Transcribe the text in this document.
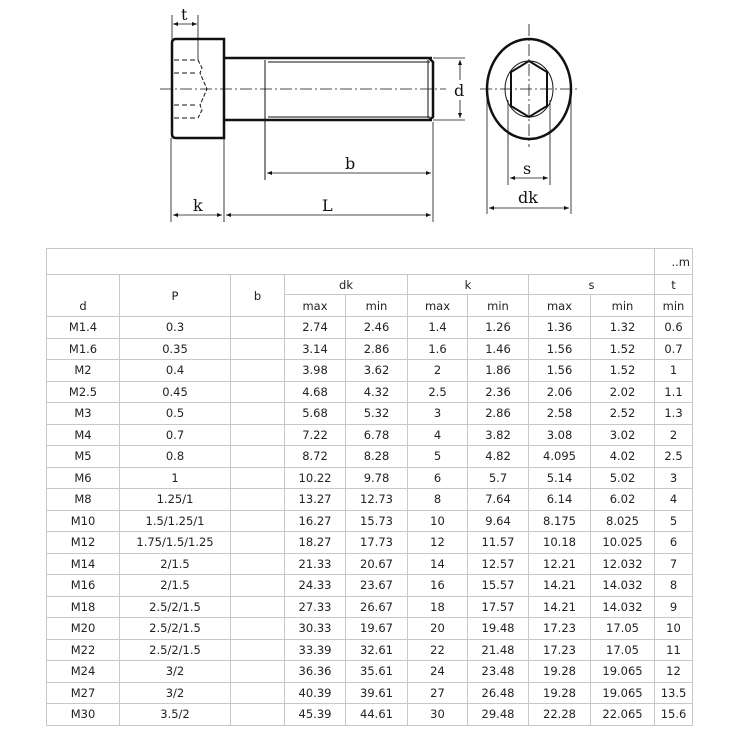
t
d
b
k	L
s
dk
									..m
d	P	b	dk		k		s		t
			max	min	max	min	max	min	min
M1.4	0.3		2.74	2.46	1.4	1.26	1.36	1.32	0.6
M1.6	0.35		3.14	2.86	1.6	1.46	1.56	1.52	0.7
M2	0.4		3.98	3.62	2	1.86	1.56	1.52	1
M2.5	0.45		4.68	4.32	2.5	2.36	2.06	2.02	1.1
M3	0.5		5.68	5.32	3	2.86	2.58	2.52	1.3
M4	0.7		7.22	6.78	4	3.82	3.08	3.02	2
M5	0.8		8.72	8.28	5	4.82	4.095	4.02	2.5
M6	1		10.22	9.78	6	5.7	5.14	5.02	3
M8	1.25/1		13.27	12.73	8	7.64	6.14	6.02	4
M10	1.5/1.25/1		16.27	15.73	10	9.64	8.175	8.025	5
M12	1.75/1.5/1.25		18.27	17.73	12	11.57	10.18	10.025	6
M14	2/1.5		21.33	20.67	14	12.57	12.21	12.032	7
M16	2/1.5		24.33	23.67	16	15.57	14.21	14.032	8
M18	2.5/2/1.5		27.33	26.67	18	17.57	14.21	14.032	9
M20	2.5/2/1.5		30.33	19.67	20	19.48	17.23	17.05	10
M22	2.5/2/1.5		33.39	32.61	22	21.48	17.23	17.05	11
M24	3/2		36.36	35.61	24	23.48	19.28	19.065	12
M27	3/2		40.39	39.61	27	26.48	19.28	19.065	13.5
M30	3.5/2		45.39	44.61	30	29.48	22.28	22.065	15.6
